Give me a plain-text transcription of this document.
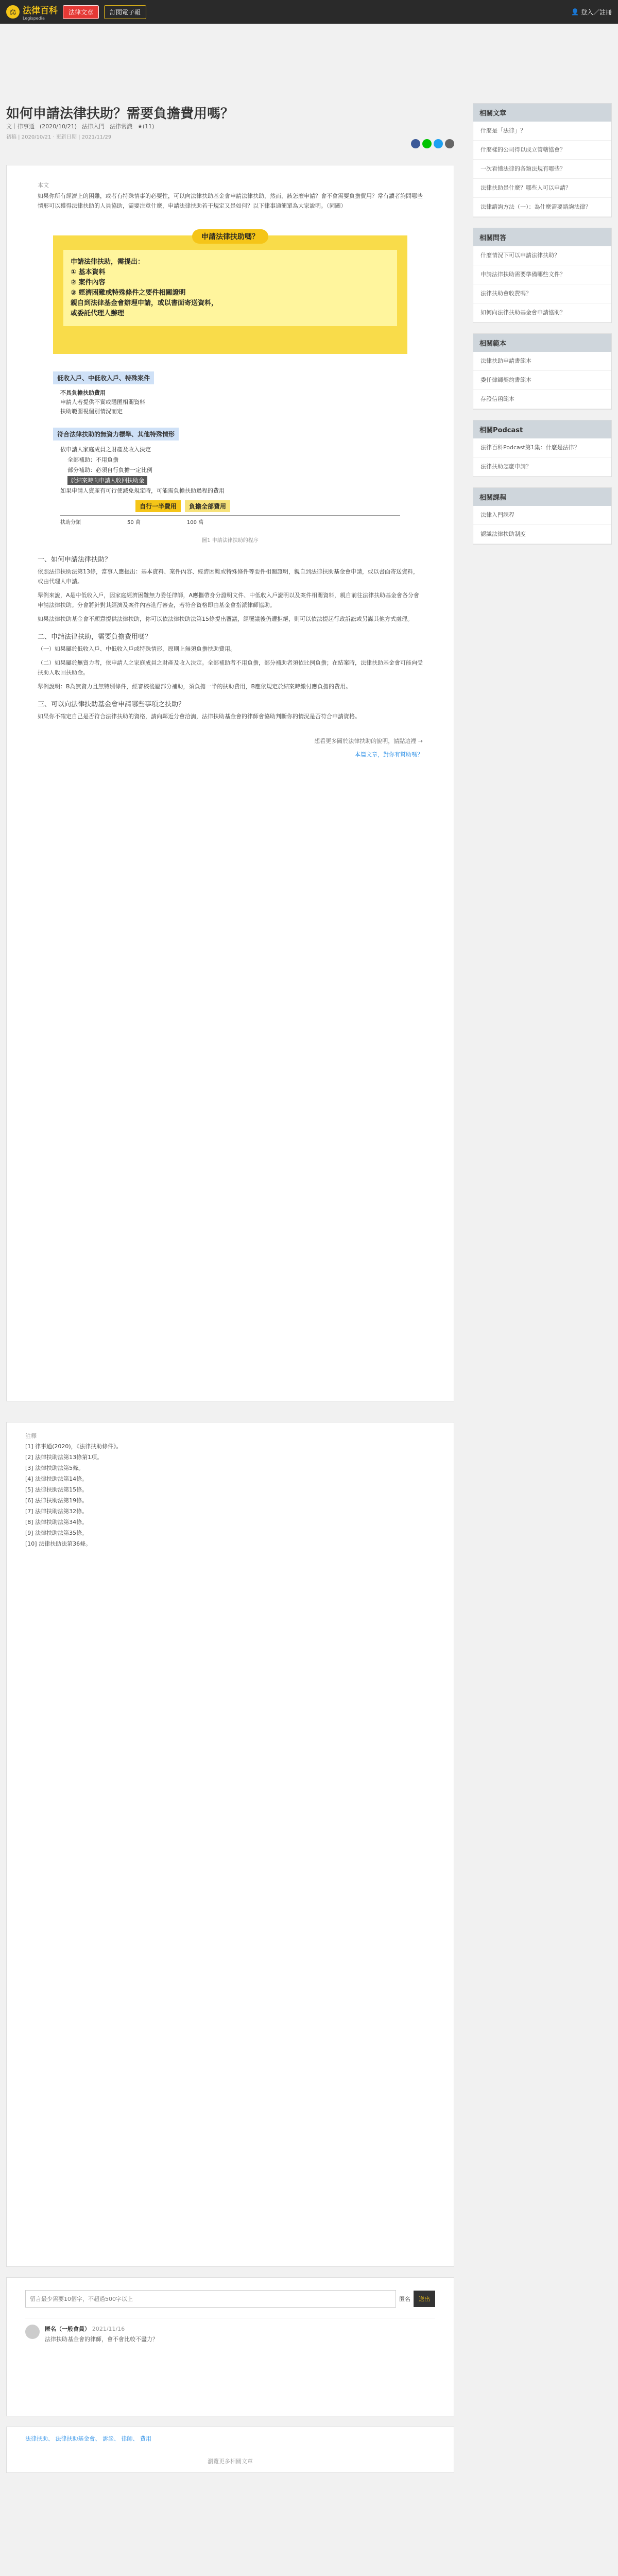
⚖ 法律百科
Legispedia
法律文章	訂閱電子報	👤 登入／註冊
如何申請法律扶助？需要負擔費用嗎？
文｜律事通 (2020/10/21) 法律入門 法律常識 ★(11)
初稿 | 2020/10/21 · 更新日期 | 2021/11/29
本文

如果你所有經濟上的困難，或者有特殊情事的必要性，可以向法律扶助基金會申請法律扶助，然而，該怎麼申請？會不會需要負擔費用？常有讀者詢問哪些情形可以獲得法律扶助的人員協助，需要注意什麼，申請法律扶助若干規定又是如何？以下律事通簡單為大家說明。（同圖）

申請法律扶助嗎？
申請法律扶助，需提出：
① 基本資料
② 案件內容
③ 經濟困難或特殊條件之要件相關證明
親自到法律基金會辦理申請，或以書面寄送資料，
或委託代理人辦理
低收入戶、中低收入戶、特殊案件
不具負擔扶助費用
申請人若提供不實或隱匿相關資料
扶助範圍視個別情況而定
符合法律扶助的無資力標準、其他特殊情形
依申請人家庭成員之財產及收入決定
全部補助：不用負擔
部分補助：必須自行負擔一定比例
於結案時向申請人收回扶助金
如果申請人資產有可行使減免規定時，可能需負擔扶助過程的費用
自行一半費用	負擔全部費用
扶助分類	50 萬	100 萬
圖1 申請法律扶助的程序
一、如何申請法律扶助？

依照法律扶助法第13條，當事人應提出：基本資料、案件內容、經濟困難或特殊條件等要件相關證明，親自到法律扶助基金會申請，或以書面寄送資料，或由代理人申請。

舉例來說，A是中低收入戶，因家庭經濟困難無力委任律師，A應攜帶身分證明文件、中低收入戶證明以及案件相關資料，親自前往法律扶助基金會各分會申請法律扶助。分會將針對其經濟及案件內容進行審查，若符合資格即由基金會指派律師協助。

如果法律扶助基金會不願意提供法律扶助，你可以依法律扶助法第15條提出覆議，經覆議後仍遭拒絕，則可以依法提起行政訴訟或另謀其他方式處理。

二、申請法律扶助，需要負擔費用嗎？

（一）如果屬於低收入戶、中低收入戶或特殊情形，原則上無須負擔扶助費用。

（二）如果屬於無資力者，依申請人之家庭成員之財產及收入決定。全部補助者不用負擔，部分補助者須依比例負擔；在結案時，法律扶助基金會可能向受扶助人收回扶助金。

舉例說明：B為無資力且無特別條件，經審核後屬部分補助，須負擔一半的扶助費用，B應依規定於結案時繳付應負擔的費用。

三、可以向法律扶助基金會申請哪些事項之扶助？

如果你不確定自己是否符合法律扶助的資格，請向鄰近分會洽詢，法律扶助基金會的律師會協助判斷你的情況是否符合申請資格。

想看更多關於法律扶助的說明，請點這裡 →
本篇文章，對你有幫助嗎？
註釋
[1] 律事通(2020)，《法律扶助條件》。
[2] 法律扶助法第13條第1項。
[3] 法律扶助法第5條。
[4] 法律扶助法第14條。
[5] 法律扶助法第15條。
[6] 法律扶助法第19條。
[7] 法律扶助法第32條。
[8] 法律扶助法第34條。
[9] 法律扶助法第35條。
[10] 法律扶助法第36條。
留言最少需要10個字，不超過500字以上
匿名	送出
匿名（一般會員） 2021/11/16
法律扶助基金會的律師，會不會比較不盡力？
法律扶助、 法律扶助基金會、 訴訟、 律師、 費用
瀏覽更多相關文章

相關文章
什麼是「法律」？
什麼樣的公司得以成立管轄協會？
一次看懂法律的各類法規有哪些？
法律扶助是什麼？哪些人可以申請？
法律諮詢方法（一）：為什麼需要諮詢法律？
相關問答
什麼情況下可以申請法律扶助？
申請法律扶助需要準備哪些文件？
法律扶助會收費嗎？
如何向法律扶助基金會申請協助？
相關範本
法律扶助申請書範本
委任律師契約書範本
存證信函範本
相關Podcast
法律百科Podcast第1集：什麼是法律？
法律扶助怎麼申請？
相關課程
法律入門課程
認識法律扶助制度
